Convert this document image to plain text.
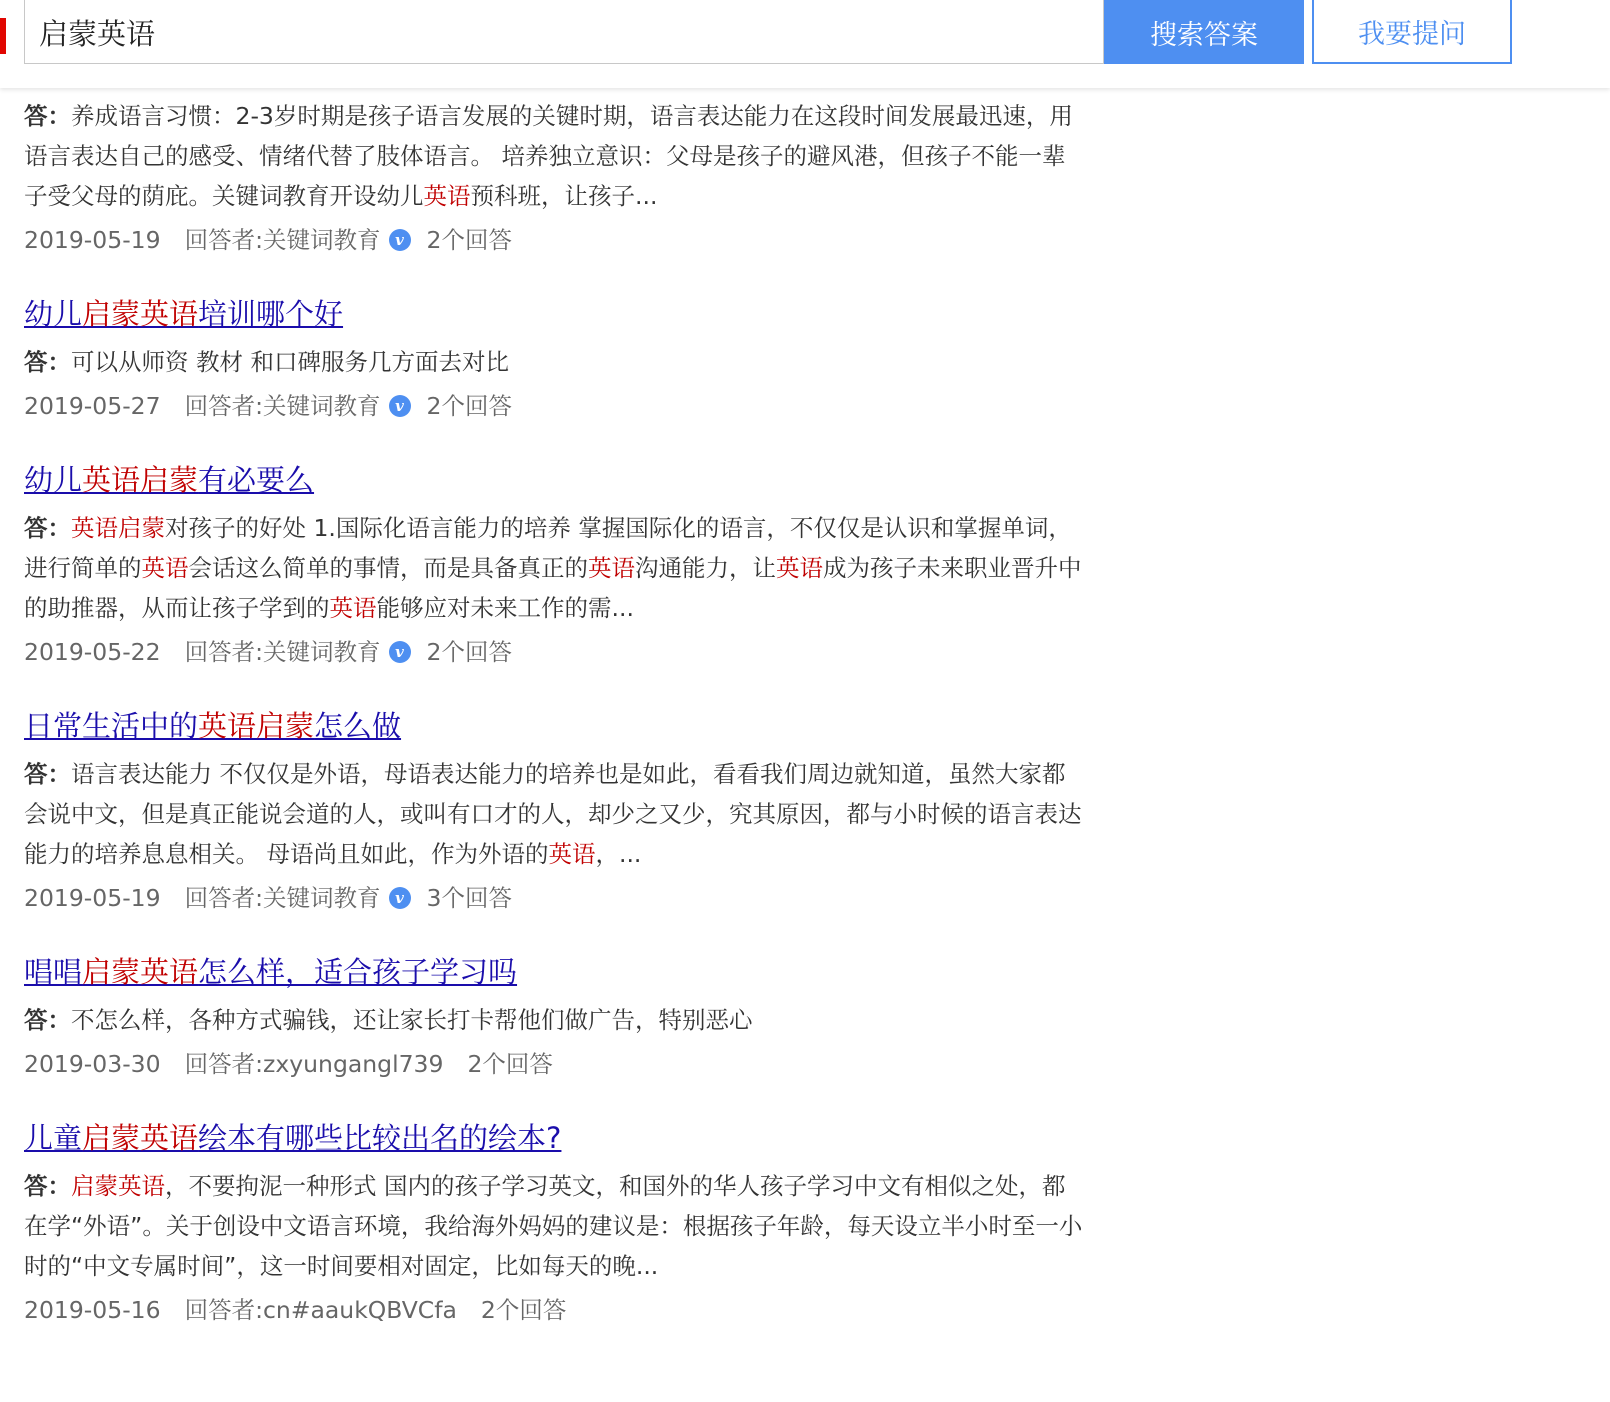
启蒙英语
搜索答案	我要提问
答：养成语言习惯：2-3岁时期是孩子语言发展的关键时期，语言表达能力在这段时间发展最迅速，用
语言表达自己的感受、情绪代替了肢体语言。 培养独立意识：父母是孩子的避风港，但孩子不能一辈
子受父母的荫庇。关键词教育开设幼儿英语预科班，让孩子...
2019-05-19 回答者: 关键词教育 v 2个回答
幼儿启蒙英语培训哪个好
答：可以从师资 教材 和口碑服务几方面去对比
2019-05-27 回答者: 关键词教育 v 2个回答
幼儿英语启蒙有必要么
答：英语启蒙对孩子的好处 1.国际化语言能力的培养 掌握国际化的语言，不仅仅是认识和掌握单词，
进行简单的英语会话这么简单的事情，而是具备真正的英语沟通能力，让英语成为孩子未来职业晋升中
的助推器，从而让孩子学到的英语能够应对未来工作的需...
2019-05-22 回答者: 关键词教育 v 2个回答
日常生活中的英语启蒙怎么做
答：语言表达能力 不仅仅是外语，母语表达能力的培养也是如此，看看我们周边就知道，虽然大家都
会说中文，但是真正能说会道的人，或叫有口才的人，却少之又少，究其原因，都与小时候的语言表达
能力的培养息息相关。 母语尚且如此，作为外语的英语，...
2019-05-19 回答者: 关键词教育 v 3个回答
唱唱启蒙英语怎么样，适合孩子学习吗
答：不怎么样，各种方式骗钱，还让家长打卡帮他们做广告，特别恶心
2019-03-30 回答者: zxyungangl739 2个回答
儿童启蒙英语绘本有哪些比较出名的绘本?
答：启蒙英语，不要拘泥一种形式 国内的孩子学习英文，和国外的华人孩子学习中文有相似之处，都
在学“外语”。关于创设中文语言环境，我给海外妈妈的建议是：根据孩子年龄，每天设立半小时至一小
时的“中文专属时间”，这一时间要相对固定，比如每天的晚...
2019-05-16 回答者: cn#aaukQBVCfa 2个回答
